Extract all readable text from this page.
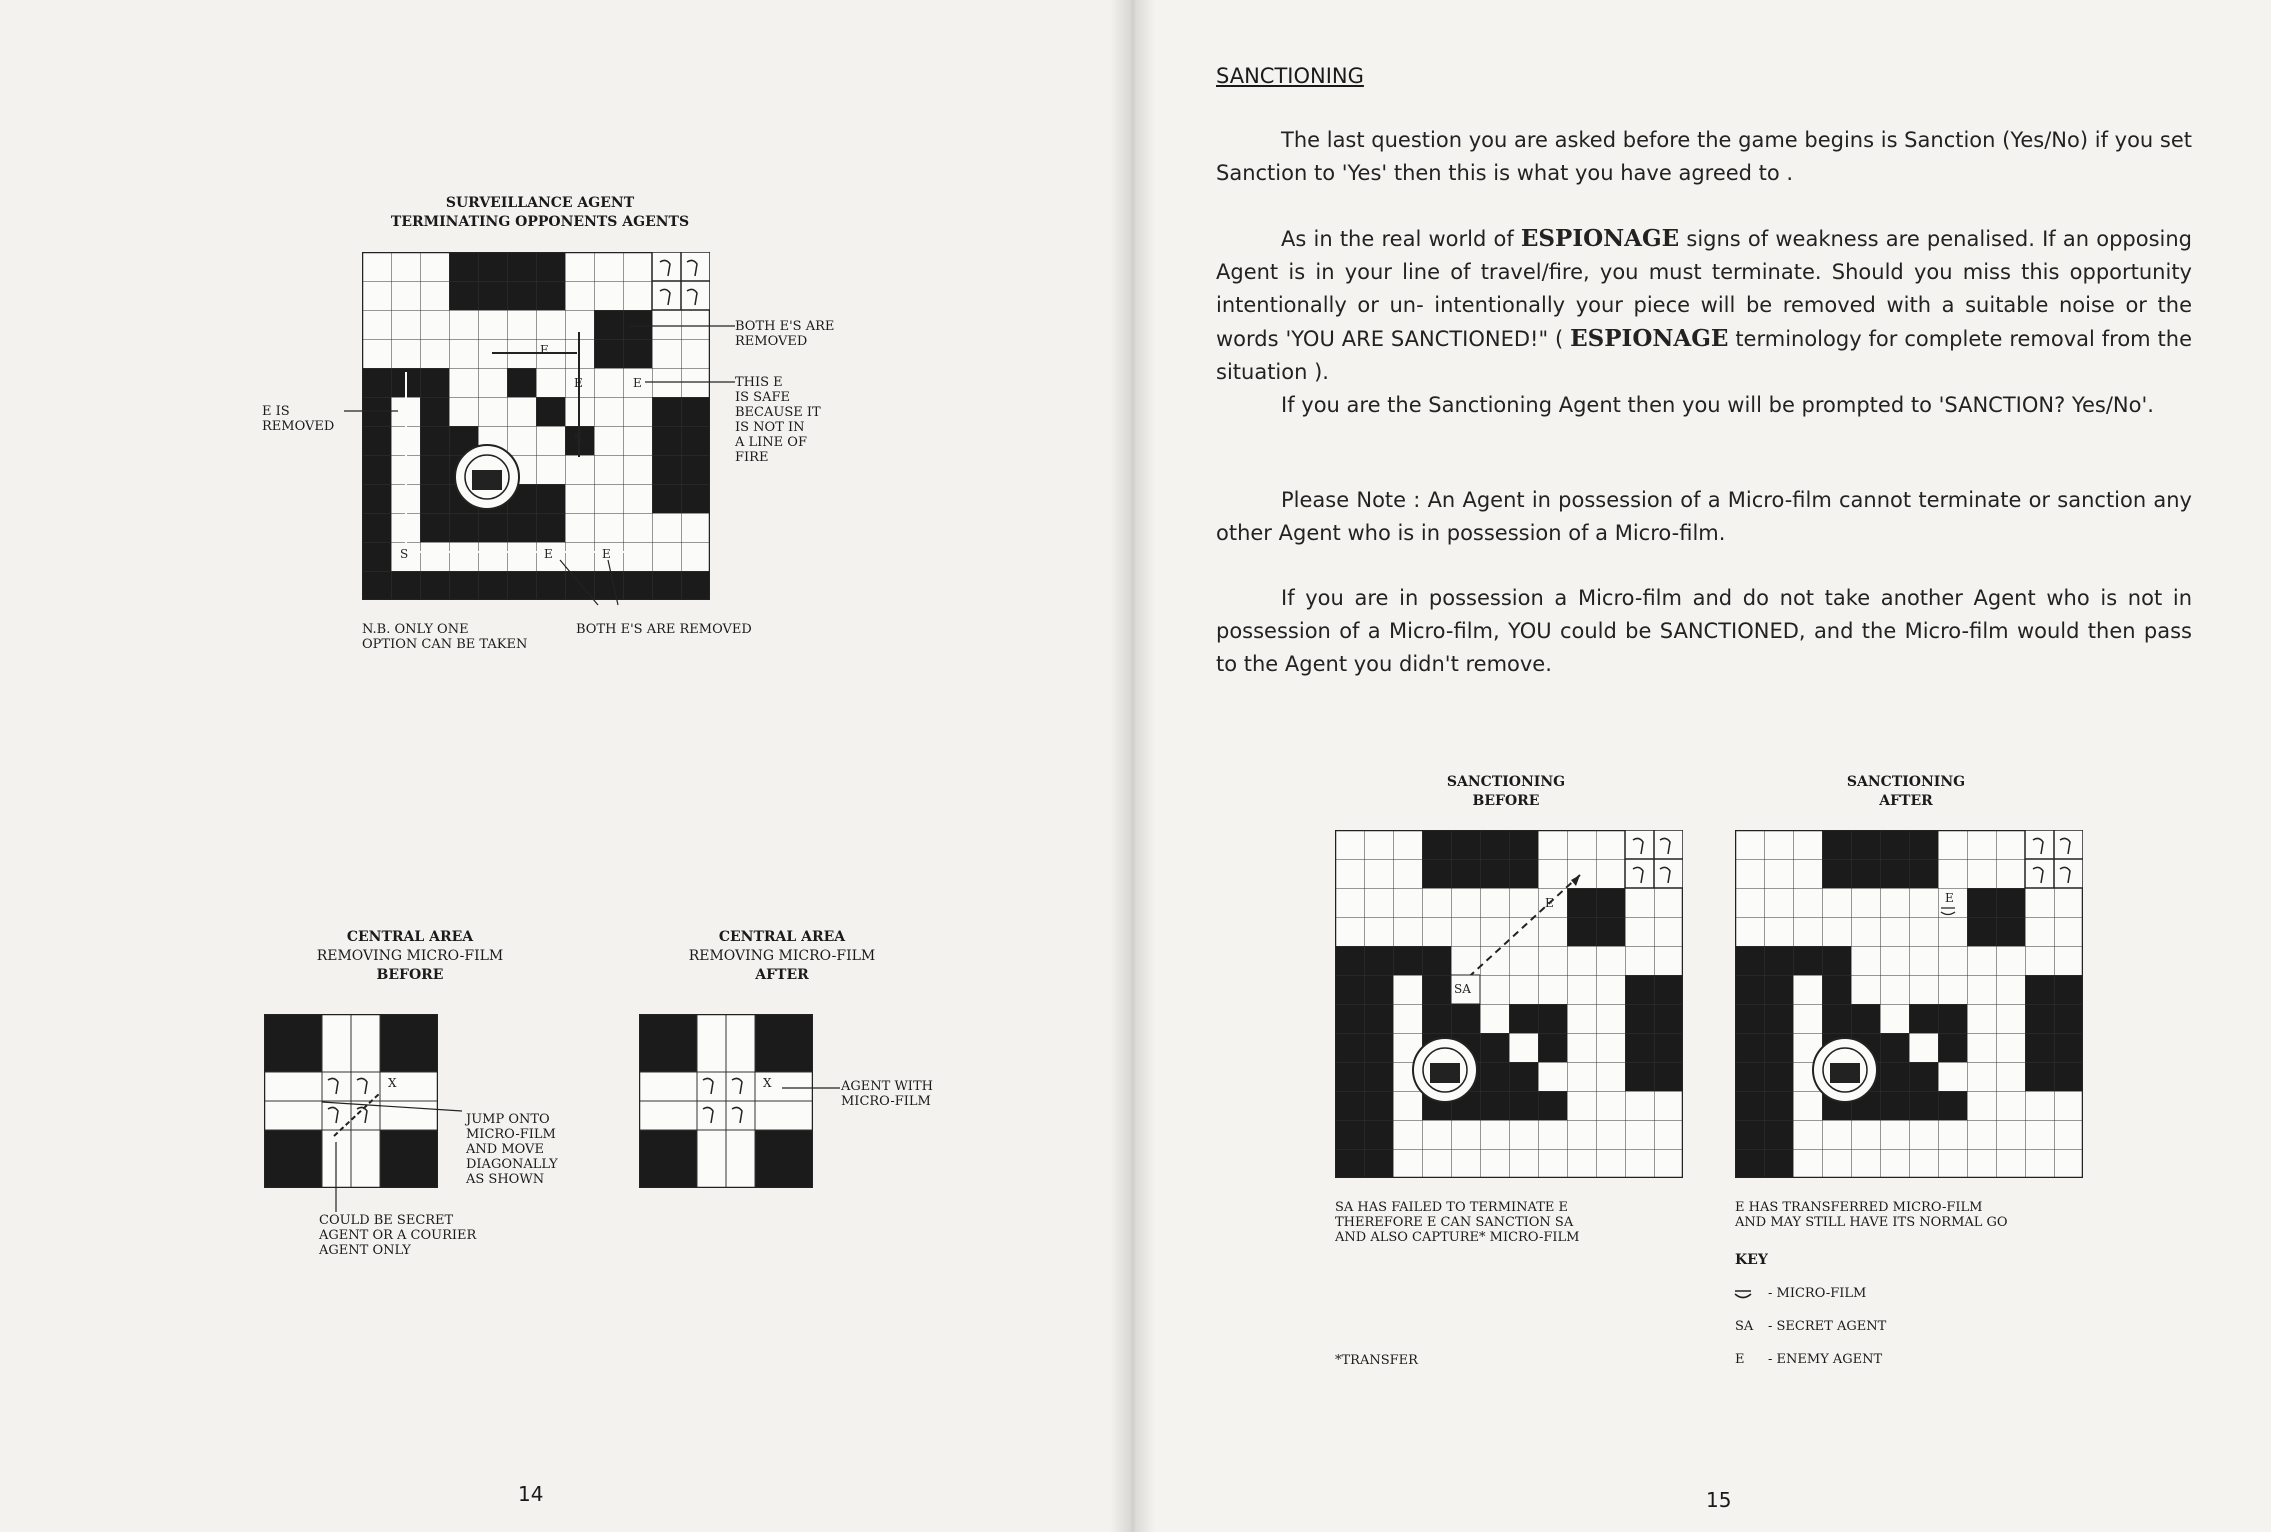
SURVEILLANCE AGENT
TERMINATING OPPONENTS AGENTS
E
E
E	E
S
S	E	E
E IS
REMOVED
BOTH E'S ARE
REMOVED
THIS E
IS SAFE
BECAUSE IT
IS NOT IN
A LINE OF
FIRE
N.B. ONLY ONE
OPTION CAN BE TAKEN
BOTH E'S ARE REMOVED
CENTRAL AREA
REMOVING MICRO-FILM
BEFORE
X
X
JUMP ONTO
MICRO-FILM
AND MOVE
DIAGONALLY
AS SHOWN
COULD BE SECRET
AGENT OR A COURIER
AGENT ONLY
CENTRAL AREA
REMOVING MICRO-FILM
AFTER
X	AGENT WITH
MICRO-FILM
14
SANCTIONING

The last question you are asked before the game begins is Sanction (Yes/No) if you set Sanction to 'Yes' then this is what you have agreed to .

As in the real world of ESPIONAGE signs of weakness are penalised. If an opposing Agent is in your line of travel/fire, you must terminate. Should you miss this opportunity intentionally or un- intentionally your piece will be removed with a suitable noise or the words 'YOU ARE SANCTIONED!" ( ESPIONAGE terminology for complete removal from the situation ).

If you are the Sanctioning Agent then you will be prompted to 'SANCTION? Yes/No'.

Please Note : An Agent in possession of a Micro-film cannot terminate or sanction any other Agent who is in possession of a Micro-film.

If you are in possession a Micro-film and do not take another Agent who is not in possession of a Micro-film, YOU could be SANCTIONED, and the Micro-film would then pass to the Agent you didn't remove.

SANCTIONING
BEFORE
SA
E
SA HAS FAILED TO TERMINATE E
THEREFORE E CAN SANCTION SA
AND ALSO CAPTURE* MICRO-FILM
*TRANSFER
SANCTIONING
AFTER
E
E HAS TRANSFERRED MICRO-FILM
AND MAY STILL HAVE ITS NORMAL GO
KEY
- MICRO-FILM
SA - SECRET AGENT
E - ENEMY AGENT
15
